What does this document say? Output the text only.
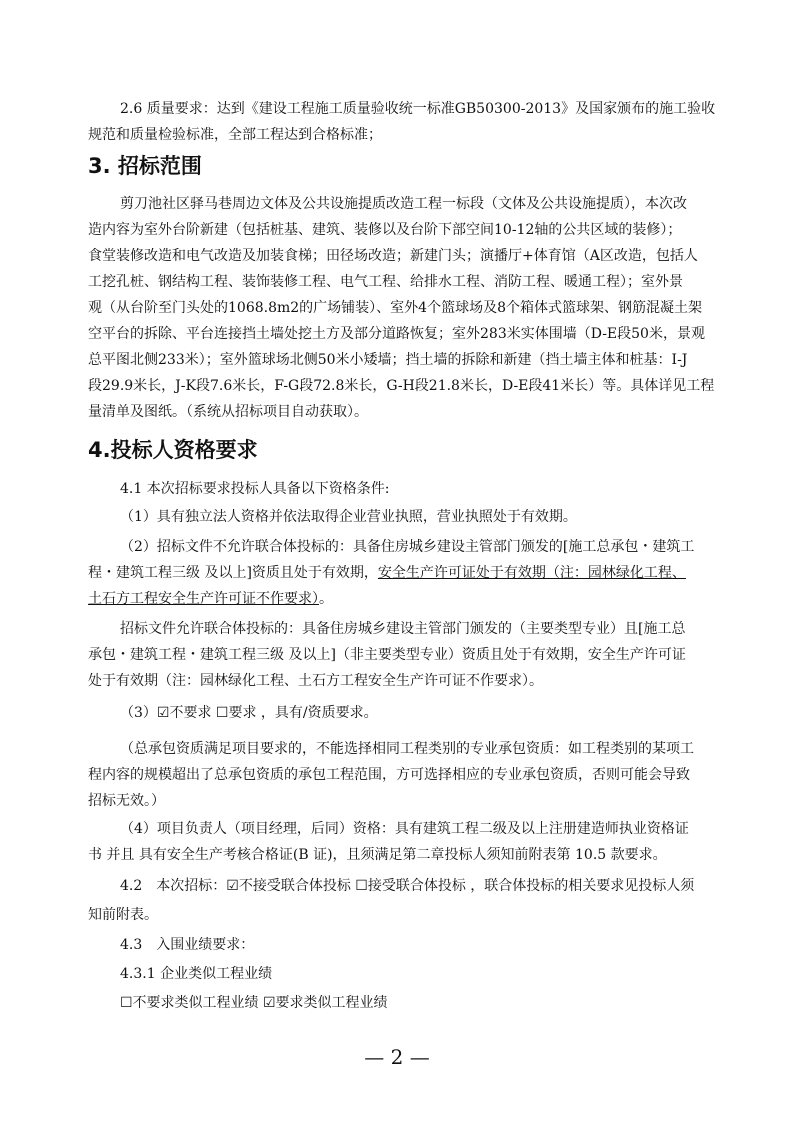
2.6 质量要求：达到《建设工程施工质量验收统一标准GB50300-2013》及国家颁布的施工验收
规范和质量检验标准，全部工程达到合格标准；
3. 招标范围
剪刀池社区驿马巷周边文体及公共设施提质改造工程一标段（文体及公共设施提质），本次改
造内容为室外台阶新建（包括桩基、建筑、装修以及台阶下部空间10-12轴的公共区域的装修）；
食堂装修改造和电气改造及加装食梯；田径场改造；新建门头；演播厅+体育馆（A区改造，包括人
工挖孔桩、钢结构工程、装饰装修工程、电气工程、给排水工程、消防工程、暖通工程）；室外景
观（从台阶至门头处的1068.8m2的广场铺装）、室外4个篮球场及8个箱体式篮球架、钢筋混凝土架
空平台的拆除、平台连接挡土墙处挖土方及部分道路恢复；室外283米实体围墙（D-E段50米，景观
总平图北侧233米）；室外篮球场北侧50米小矮墙；挡土墙的拆除和新建（挡土墙主体和桩基：I-J
段29.9米长，J-K段7.6米长，F-G段72.8米长，G-H段21.8米长，D-E段41米长）等。具体详见工程
量清单及图纸。（系统从招标项目自动获取）。
4.投标人资格要求
4.1 本次招标要求投标人具备以下资格条件:
（1）具有独立法人资格并依法取得企业营业执照，营业执照处于有效期。
（2）招标文件不允许联合体投标的：具备住房城乡建设主管部门颁发的[施工总承包・建筑工
程・建筑工程三级 及以上]资质且处于有效期，安全生产许可证处于有效期（注：园林绿化工程、
土石方工程安全生产许可证不作要求）。
招标文件允许联合体投标的：具备住房城乡建设主管部门颁发的（主要类型专业）且[施工总
承包・建筑工程・建筑工程三级 及以上]（非主要类型专业）资质且处于有效期，安全生产许可证
处于有效期（注：园林绿化工程、土石方工程安全生产许可证不作要求）。
（3）☑不要求 ☐要求 ，具有/资质要求。
（总承包资质满足项目要求的，不能选择相同工程类别的专业承包资质：如工程类别的某项工
程内容的规模超出了总承包资质的承包工程范围，方可选择相应的专业承包资质，否则可能会导致
招标无效。）
（4）项目负责人（项目经理，后同）资格：具有建筑工程二级及以上注册建造师执业资格证
书 并且 具有安全生产考核合格证(B 证)，且须满足第二章投标人须知前附表第 10.5 款要求。
4.2　本次招标：☑不接受联合体投标 ☐接受联合体投标 ，联合体投标的相关要求见投标人须
知前附表。
4.3　入围业绩要求：
4.3.1 企业类似工程业绩
☐不要求类似工程业绩 ☑要求类似工程业绩
— 2 —
